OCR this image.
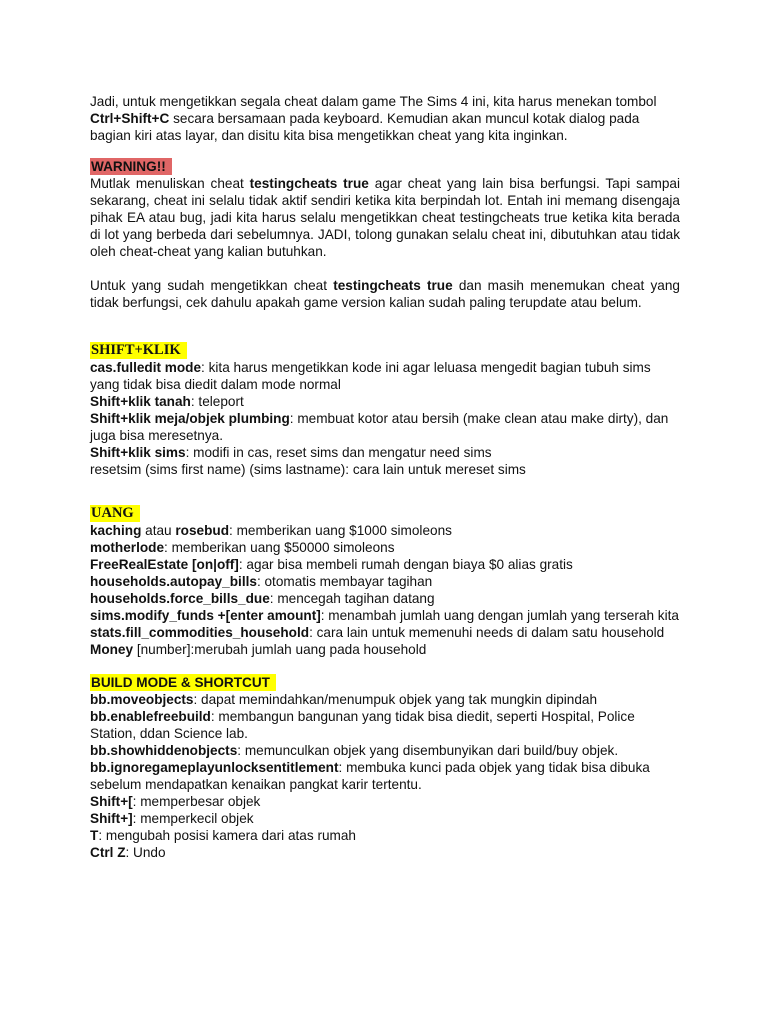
Jadi, untuk mengetikkan segala cheat dalam game The Sims 4 ini, kita harus menekan tombol Ctrl+Shift+C secara bersamaan pada keyboard. Kemudian akan muncul kotak dialog pada bagian kiri atas layar, dan disitu kita bisa mengetikkan cheat yang kita inginkan.

WARNING!!

Mutlak menuliskan cheat testingcheats true agar cheat yang lain bisa berfungsi. Tapi sampai sekarang, cheat ini selalu tidak aktif sendiri ketika kita berpindah lot. Entah ini memang disengaja pihak EA atau bug, jadi kita harus selalu mengetikkan cheat testingcheats true ketika kita berada di lot yang berbeda dari sebelumnya. JADI, tolong gunakan selalu cheat ini, dibutuhkan atau tidak oleh cheat-cheat yang kalian butuhkan.

Untuk yang sudah mengetikkan cheat testingcheats true dan masih menemukan cheat yang tidak berfungsi, cek dahulu apakah game version kalian sudah paling terupdate atau belum.

SHIFT+KLIK

cas.fulledit mode: kita harus mengetikkan kode ini agar leluasa mengedit bagian tubuh sims yang tidak bisa diedit dalam mode normal

Shift+klik tanah: teleport

Shift+klik meja/objek plumbing: membuat kotor atau bersih (make clean atau make dirty), dan juga bisa meresetnya.

Shift+klik sims: modifi in cas, reset sims dan mengatur need sims

resetsim (sims first name) (sims lastname): cara lain untuk mereset sims

UANG

kaching atau rosebud: memberikan uang $1000 simoleons

motherlode: memberikan uang $50000 simoleons

FreeRealEstate [on|off]: agar bisa membeli rumah dengan biaya $0 alias gratis

households.autopay_bills: otomatis membayar tagihan

households.force_bills_due: mencegah tagihan datang

sims.modify_funds +[enter amount]: menambah jumlah uang dengan jumlah yang terserah kita

stats.fill_commodities_household: cara lain untuk memenuhi needs di dalam satu household

Money [number]:merubah jumlah uang pada household

BUILD MODE & SHORTCUT

bb.moveobjects: dapat memindahkan/menumpuk objek yang tak mungkin dipindah

bb.enablefreebuild: membangun bangunan yang tidak bisa diedit, seperti Hospital, Police Station, ddan Science lab.

bb.showhiddenobjects: memunculkan objek yang disembunyikan dari build/buy objek.

bb.ignoregameplayunlocksentitlement: membuka kunci pada objek yang tidak bisa dibuka sebelum mendapatkan kenaikan pangkat karir tertentu.

Shift+[: memperbesar objek

Shift+]: memperkecil objek

T: mengubah posisi kamera dari atas rumah

Ctrl Z: Undo
